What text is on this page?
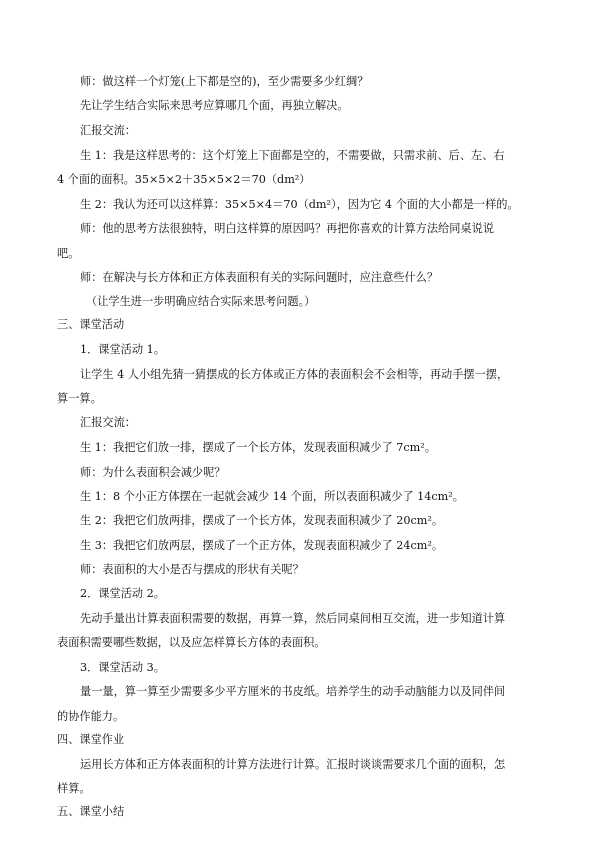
师：做这样一个灯笼(上下都是空的)，至少需要多少红绸？
先让学生结合实际来思考应算哪几个面，再独立解决。
汇报交流：
生 1：我是这样思考的：这个灯笼上下面都是空的，不需要做，只需求前、后、左、右
4 个面的面积。35×5×2＋35×5×2＝70（dm²）
生 2：我认为还可以这样算：35×5×4＝70（dm²），因为它 4 个面的大小都是一样的。
师：他的思考方法很独特，明白这样算的原因吗？再把你喜欢的计算方法给同桌说说
吧。
师：在解决与长方体和正方体表面积有关的实际问题时，应注意些什么？
（让学生进一步明确应结合实际来思考问题。）
三、课堂活动
1．课堂活动 1。
让学生 4 人小组先猜一猜摆成的长方体或正方体的表面积会不会相等，再动手摆一摆，
算一算。
汇报交流：
生 1：我把它们放一排，摆成了一个长方体，发现表面积减少了 7cm²。
师：为什么表面积会减少呢？
生 1：8 个小正方体摆在一起就会减少 14 个面，所以表面积减少了 14cm²。
生 2：我把它们放两排，摆成了一个长方体，发现表面积减少了 20cm²。
生 3：我把它们放两层，摆成了一个正方体，发现表面积减少了 24cm²。
师：表面积的大小是否与摆成的形状有关呢？
2．课堂活动 2。
先动手量出计算表面积需要的数据，再算一算，然后同桌间相互交流，进一步知道计算
表面积需要哪些数据，以及应怎样算长方体的表面积。
3．课堂活动 3。
量一量，算一算至少需要多少平方厘米的书皮纸。培养学生的动手动脑能力以及同伴间
的协作能力。
四、课堂作业
运用长方体和正方体表面积的计算方法进行计算。汇报时谈谈需要求几个面的面积，怎
样算。
五、课堂小结
